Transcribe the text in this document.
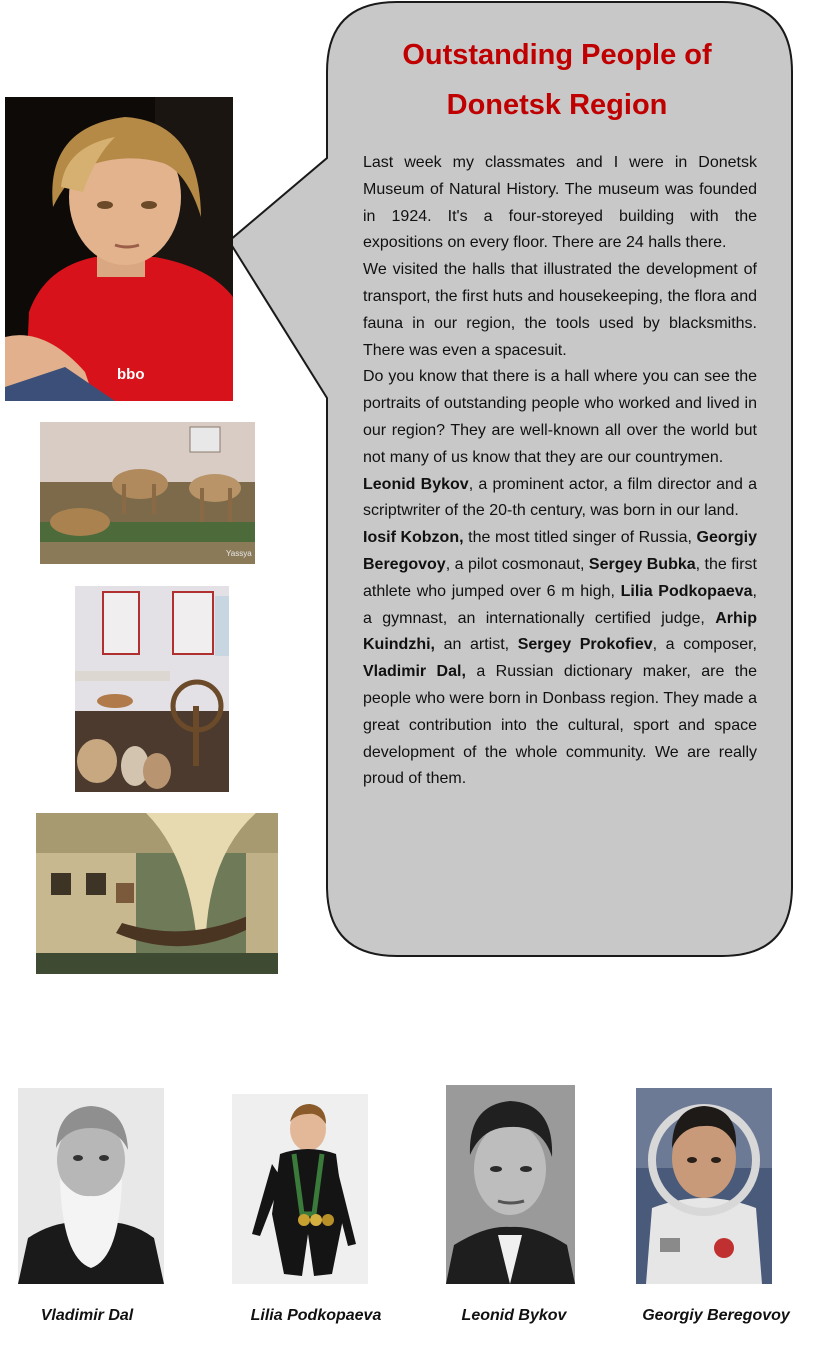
Outstanding People of
Donetsk Region

Last week my classmates and I were in Donetsk Museum of Natural History. The museum was founded in 1924. It's a four-storeyed building with the expositions on every floor. There are 24 halls there.

We visited the halls that illustrated the development of transport, the first huts and housekeeping, the flora and fauna in our region, the tools used by blacksmiths. There was even a spacesuit.

Do you know that there is a hall where you can see the portraits of outstanding people who worked and lived in our region? They are well-known all over the world but not many of us know that they are our countrymen.

Leonid Bykov, a prominent actor, a film director and a scriptwriter of the 20-th century, was born in our land.

Iosif Kobzon, the most titled singer of Russia, Georgiy Beregovoy, a pilot cosmonaut, Sergey Bubka, the first athlete who jumped over 6 m high, Lilia Podkopaeva, a gymnast, an internationally certified judge, Arhip Kuindzhi, an artist, Sergey Prokofiev, a composer, Vladimir Dal, a Russian dictionary maker, are the people who were born in Donbass region. They made a great contribution into the cultural, sport and space development of the whole community. We are really proud of them.

bbo
Yassya
Vladimir Dal	Lilia Podkopaeva	Leonid Bykov	Georgiy Beregovoy
